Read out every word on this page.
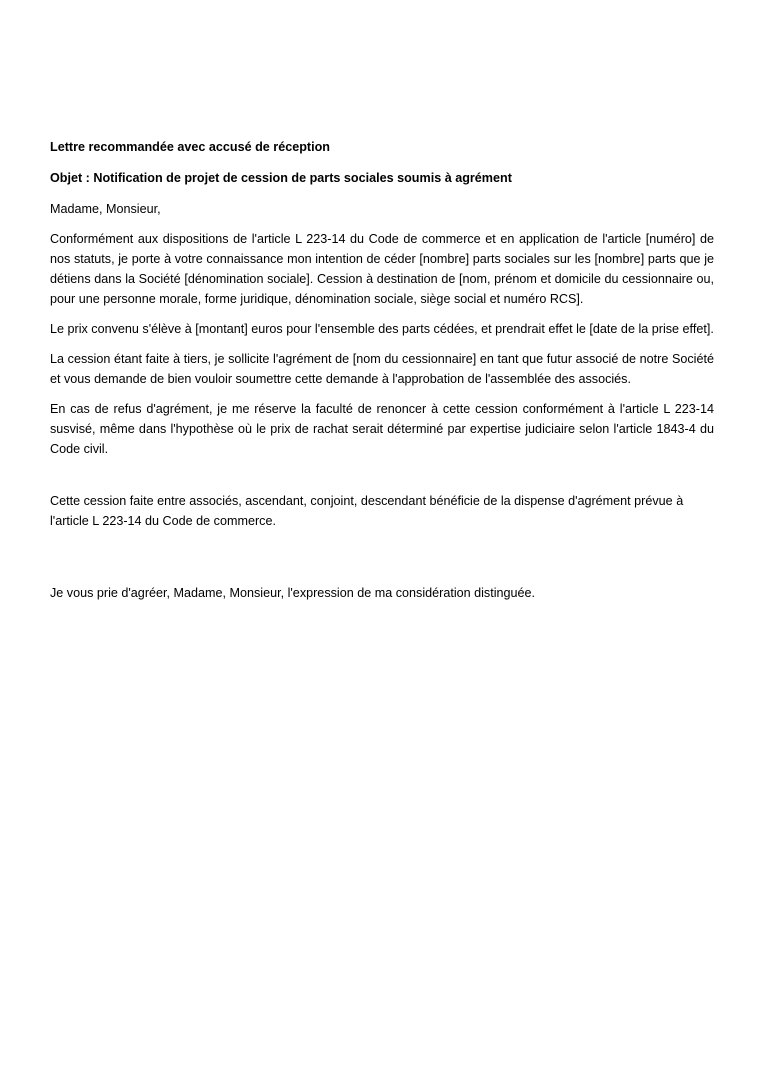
Lettre recommandée avec accusé de réception

Objet : Notification de projet de cession de parts sociales soumis à agrément

Madame, Monsieur,

Conformément aux dispositions de l'article L 223-14 du Code de commerce et en application de l'article [numéro] de nos statuts, je porte à votre connaissance mon intention de céder [nombre] parts sociales sur les [nombre] parts que je détiens dans la Société [dénomination sociale]. Cession à destination de [nom, prénom et domicile du cessionnaire ou, pour une personne morale, forme juridique, dénomination sociale, siège social et numéro RCS].

Le prix convenu s'élève à [montant] euros pour l'ensemble des parts cédées, et prendrait effet le [date de la prise effet].

La cession étant faite à tiers, je sollicite l'agrément de [nom du cessionnaire] en tant que futur associé de notre Société et vous demande de bien vouloir soumettre cette demande à l'approbation de l'assemblée des associés.

En cas de refus d'agrément, je me réserve la faculté de renoncer à cette cession conformément à l'article L 223-14 susvisé, même dans l'hypothèse où le prix de rachat serait déterminé par expertise judiciaire selon l'article 1843-4 du Code civil.

Cette cession faite entre associés, ascendant, conjoint, descendant bénéficie de la dispense d'agrément prévue à l'article L 223-14 du Code de commerce.

Je vous prie d'agréer, Madame, Monsieur, l'expression de ma considération distinguée.
